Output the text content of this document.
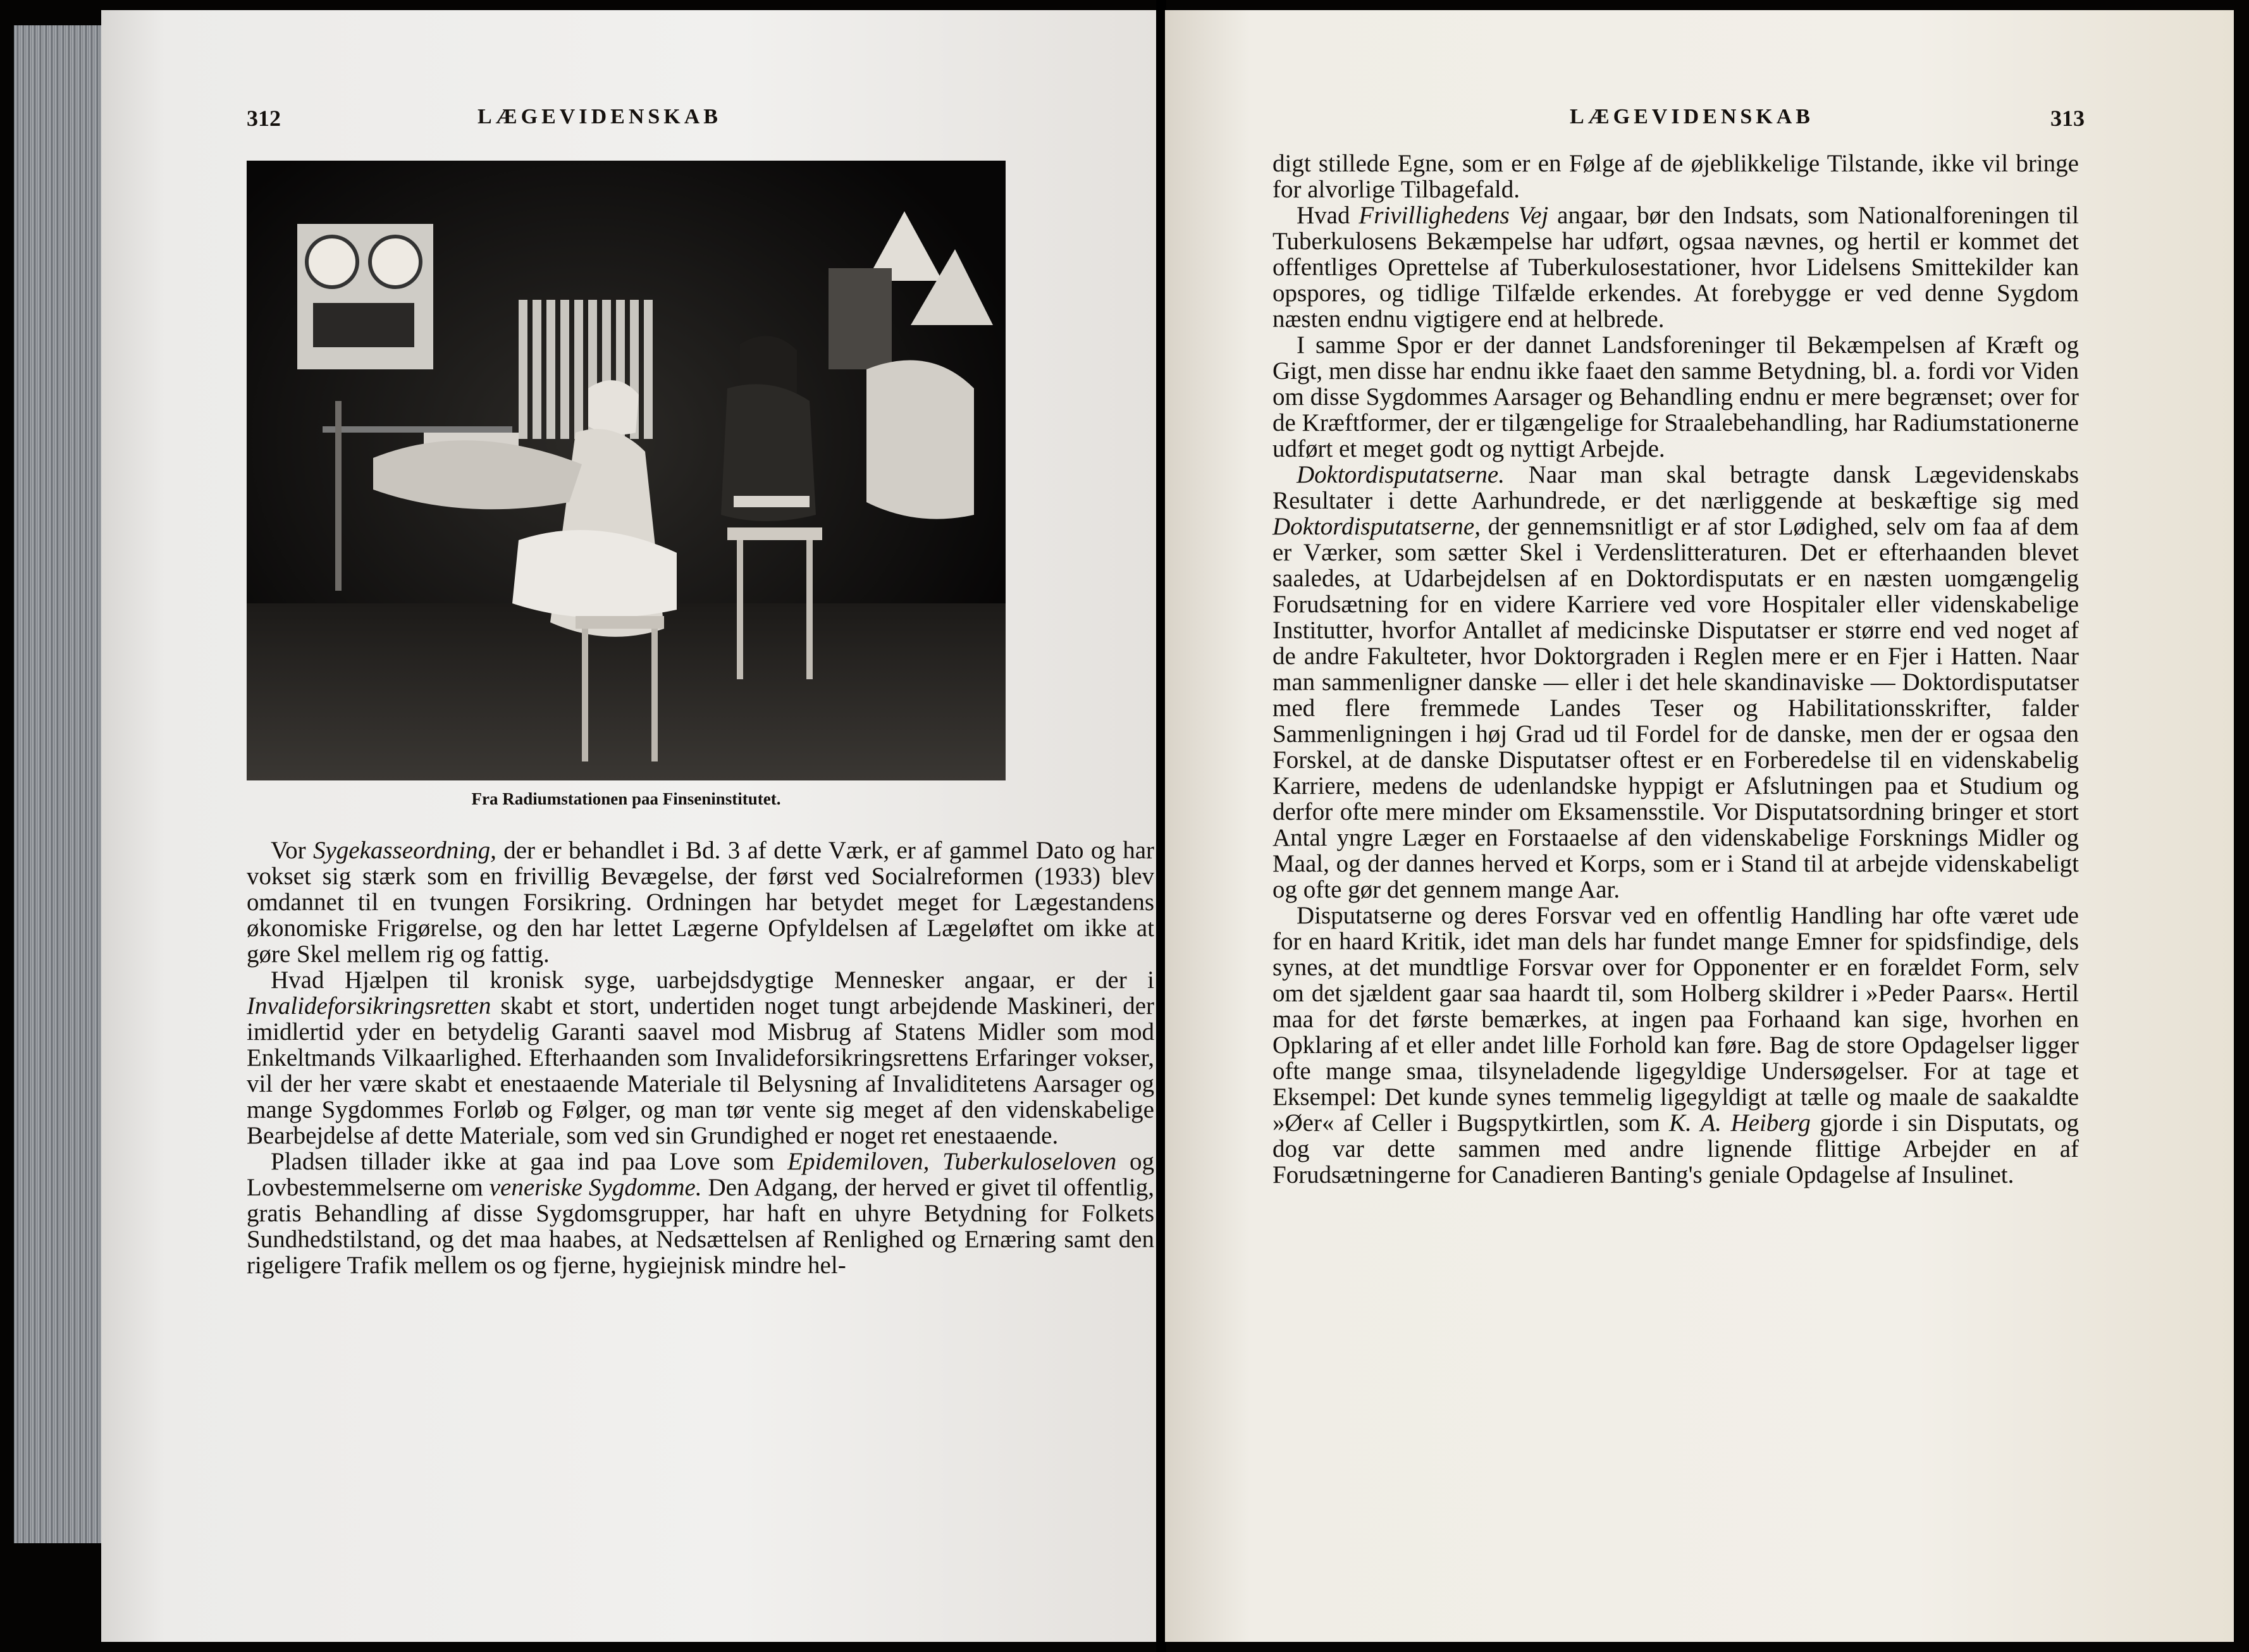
312	LÆGEVIDENSKAB
Fra Radiumstationen paa Finseninstitutet.

Vor Sygekasseordning, der er behandlet i Bd. 3 af dette Værk, er af gammel Dato og har vokset sig stærk som en frivillig Bevægelse, der først ved Socialreformen (1933) blev omdannet til en tvungen Forsikring. Ordningen har betydet meget for Lægestandens økonomiske Frigørelse, og den har lettet Lægerne Opfyldelsen af Lægeløftet om ikke at gøre Skel mellem rig og fattig.

Hvad Hjælpen til kronisk syge, uarbejdsdygtige Mennesker angaar, er der i Invalideforsikringsretten skabt et stort, undertiden noget tungt arbejdende Maskineri, der imidlertid yder en betydelig Garanti saavel mod Misbrug af Statens Midler som mod Enkeltmands Vilkaarlighed. Efterhaanden som Invalideforsikringsrettens Erfaringer vokser, vil der her være skabt et enestaaende Materiale til Belysning af Invaliditetens Aarsager og mange Sygdommes Forløb og Følger, og man tør vente sig meget af den videnskabelige Bearbejdelse af dette Materiale, som ved sin Grundighed er noget ret enestaaende.

Pladsen tillader ikke at gaa ind paa Love som Epidemiloven, Tuberkuloseloven og Lovbestemmelserne om veneriske Sygdomme. Den Adgang, der herved er givet til offentlig, gratis Behandling af disse Sygdomsgrupper, har haft en uhyre Betydning for Folkets Sundhedstilstand, og det maa haabes, at Nedsættelsen af Renlighed og Ernæring samt den rigeligere Trafik mellem os og fjerne, hygiejnisk mindre hel-

LÆGEVIDENSKAB	313

digt stillede Egne, som er en Følge af de øjeblikkelige Tilstande, ikke vil bringe for alvorlige Tilbagefald.

Hvad Frivillighedens Vej angaar, bør den Indsats, som Nationalforeningen til Tuberkulosens Bekæmpelse har udført, ogsaa nævnes, og hertil er kommet det offentliges Oprettelse af Tuberkulosestationer, hvor Lidelsens Smittekilder kan opspores, og tidlige Tilfælde erkendes. At forebygge er ved denne Sygdom næsten endnu vigtigere end at helbrede.

I samme Spor er der dannet Landsforeninger til Bekæmpelsen af Kræft og Gigt, men disse har endnu ikke faaet den samme Betydning, bl. a. fordi vor Viden om disse Sygdommes Aarsager og Behandling endnu er mere begrænset; over for de Kræftformer, der er tilgængelige for Straalebehandling, har Radiumstationerne udført et meget godt og nyttigt Arbejde.

Doktordisputatserne. Naar man skal betragte dansk Lægevidenskabs Resultater i dette Aarhundrede, er det nærliggende at beskæftige sig med Doktordisputatserne, der gennemsnitligt er af stor Lødighed, selv om faa af dem er Værker, som sætter Skel i Verdenslitteraturen. Det er efterhaanden blevet saaledes, at Udarbejdelsen af en Doktordisputats er en næsten uomgængelig Forudsætning for en videre Karriere ved vore Hospitaler eller videnskabelige Institutter, hvorfor Antallet af medicinske Disputatser er større end ved noget af de andre Fakulteter, hvor Doktorgraden i Reglen mere er en Fjer i Hatten. Naar man sammenligner danske — eller i det hele skandinaviske — Doktordisputatser med flere fremmede Landes Teser og Habilitationsskrifter, falder Sammenligningen i høj Grad ud til Fordel for de danske, men der er ogsaa den Forskel, at de danske Disputatser oftest er en Forberedelse til en videnskabelig Karriere, medens de udenlandske hyppigt er Afslutningen paa et Studium og derfor ofte mere minder om Eksamensstile. Vor Disputatsordning bringer et stort Antal yngre Læger en Forstaaelse af den videnskabelige Forsknings Midler og Maal, og der dannes herved et Korps, som er i Stand til at arbejde videnskabeligt og ofte gør det gennem mange Aar.

Disputatserne og deres Forsvar ved en offentlig Handling har ofte været ude for en haard Kritik, idet man dels har fundet mange Emner for spidsfindige, dels synes, at det mundtlige Forsvar over for Opponenter er en forældet Form, selv om det sjældent gaar saa haardt til, som Holberg skildrer i »Peder Paars«. Hertil maa for det første bemærkes, at ingen paa Forhaand kan sige, hvorhen en Opklaring af et eller andet lille Forhold kan føre. Bag de store Opdagelser ligger ofte mange smaa, tilsyneladende ligegyldige Undersøgelser. For at tage et Eksempel: Det kunde synes temmelig ligegyldigt at tælle og maale de saakaldte »Øer« af Celler i Bugspytkirtlen, som K. A. Heiberg gjorde i sin Disputats, og dog var dette sammen med andre lignende flittige Arbejder en af Forudsætningerne for Canadieren Banting's geniale Opdagelse af Insulinet.
